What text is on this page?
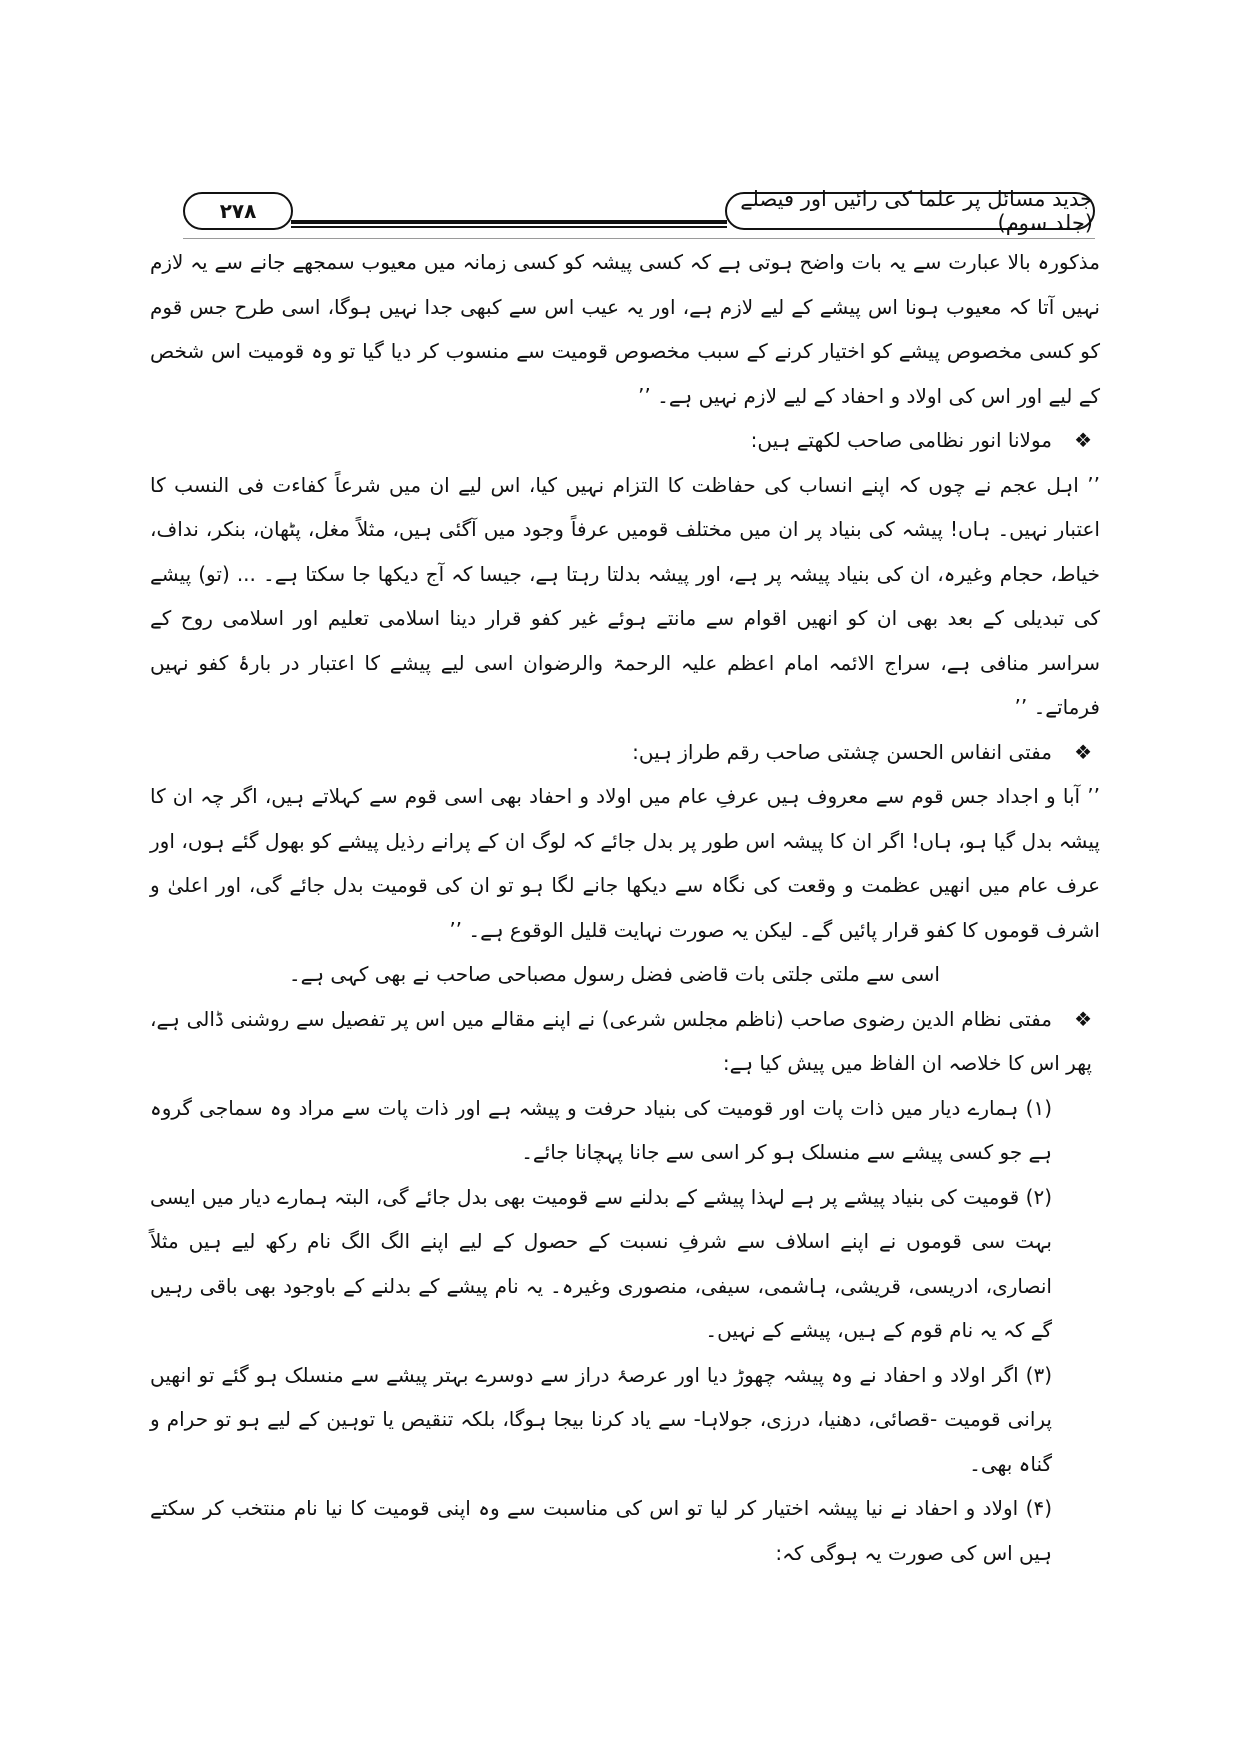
۲۷۸	جدید مسائل پر علما کی رائیں اور فیصلے (جلد سوم)

مذکورہ بالا عبارت سے یہ بات واضح ہوتی ہے کہ کسی پیشہ کو کسی زمانہ میں معیوب سمجھے جانے سے یہ لازم نہیں آتا کہ معیوب ہونا اس پیشے کے لیے لازم ہے، اور یہ عیب اس سے کبھی جدا نہیں ہوگا، اسی طرح جس قوم کو کسی مخصوص پیشے کو اختیار کرنے کے سبب مخصوص قومیت سے منسوب کر دیا گیا تو وہ قومیت اس شخص کے لیے اور اس کی اولاد و احفاد کے لیے لازم نہیں ہے۔ ’’

❖مولانا انور نظامی صاحب لکھتے ہیں:

’’ اہل عجم نے چوں کہ اپنے انساب کی حفاظت کا التزام نہیں کیا، اس لیے ان میں شرعاً کفاءت فی النسب کا اعتبار نہیں۔ ہاں! پیشہ کی بنیاد پر ان میں مختلف قومیں عرفاً وجود میں آگئی ہیں، مثلاً مغل، پٹھان، بنکر، نداف، خیاط، حجام وغیرہ، ان کی بنیاد پیشہ پر ہے، اور پیشہ بدلتا رہتا ہے، جیسا کہ آج دیکھا جا سکتا ہے۔ ... (تو) پیشے کی تبدیلی کے بعد بھی ان کو انھیں اقوام سے مانتے ہوئے غیر کفو قرار دینا اسلامی تعلیم اور اسلامی روح کے سراسر منافی ہے، سراج الائمہ امام اعظم علیہ الرحمۃ والرضوان اسی لیے پیشے کا اعتبار در بارۂ کفو نہیں فرماتے۔ ’’

❖مفتی انفاس الحسن چشتی صاحب رقم طراز ہیں:

’’ آبا و اجداد جس قوم سے معروف ہیں عرفِ عام میں اولاد و احفاد بھی اسی قوم سے کہلاتے ہیں، اگر چہ ان کا پیشہ بدل گیا ہو، ہاں! اگر ان کا پیشہ اس طور پر بدل جائے کہ لوگ ان کے پرانے رذیل پیشے کو بھول گئے ہوں، اور عرف عام میں انھیں عظمت و وقعت کی نگاہ سے دیکھا جانے لگا ہو تو ان کی قومیت بدل جائے گی، اور اعلیٰ و اشرف قوموں کا کفو قرار پائیں گے۔ لیکن یہ صورت نہایت قلیل الوقوع ہے۔ ’’

اسی سے ملتی جلتی بات قاضی فضل رسول مصباحی صاحب نے بھی کہی ہے۔

❖مفتی نظام الدین رضوی صاحب (ناظم مجلس شرعی) نے اپنے مقالے میں اس پر تفصیل سے روشنی ڈالی ہے، پھر اس کا خلاصہ ان الفاظ میں پیش کیا ہے:

(۱) ہمارے دیار میں ذات پات اور قومیت کی بنیاد حرفت و پیشہ ہے اور ذات پات سے مراد وہ سماجی گروہ ہے جو کسی پیشے سے منسلک ہو کر اسی سے جانا پہچانا جائے۔

(۲) قومیت کی بنیاد پیشے پر ہے لہذا پیشے کے بدلنے سے قومیت بھی بدل جائے گی، البتہ ہمارے دیار میں ایسی بہت سی قوموں نے اپنے اسلاف سے شرفِ نسبت کے حصول کے لیے اپنے الگ الگ نام رکھ لیے ہیں مثلاً انصاری، ادریسی، قریشی، ہاشمی، سیفی، منصوری وغیرہ۔ یہ نام پیشے کے بدلنے کے باوجود بھی باقی رہیں گے کہ یہ نام قوم کے ہیں، پیشے کے نہیں۔

(۳) اگر اولاد و احفاد نے وہ پیشہ چھوڑ دیا اور عرصۂ دراز سے دوسرے بہتر پیشے سے منسلک ہو گئے تو انھیں پرانی قومیت -قصائی، دھنیا، درزی، جولاہا- سے یاد کرنا بیجا ہوگا، بلکہ تنقیص یا توہین کے لیے ہو تو حرام و گناہ بھی۔

(۴) اولاد و احفاد نے نیا پیشہ اختیار کر لیا تو اس کی مناسبت سے وہ اپنی قومیت کا نیا نام منتخب کر سکتے ہیں اس کی صورت یہ ہوگی کہ:
